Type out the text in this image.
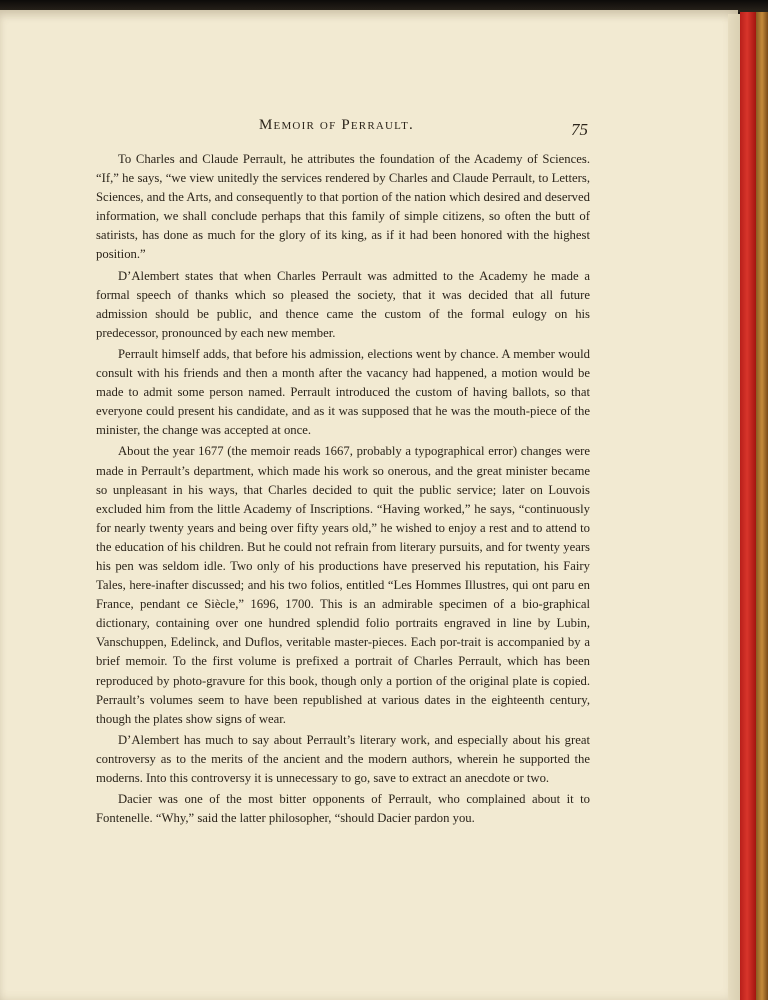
Memoir of Perrault.	75

To Charles and Claude Perrault, he attributes the foundation of the Academy of Sciences. “If,” he says, “we view unitedly the services rendered by Charles and Claude Perrault, to Letters, Sciences, and the Arts, and consequently to that portion of the nation which desired and deserved information, we shall conclude perhaps that this family of simple citizens, so often the butt of satirists, has done as much for the glory of its king, as if it had been honored with the highest position.”

D’Alembert states that when Charles Perrault was admitted to the Academy he made a formal speech of thanks which so pleased the society, that it was decided that all future admission should be public, and thence came the custom of the formal eulogy on his predecessor, pronounced by each new member.

Perrault himself adds, that before his admission, elections went by chance. A member would consult with his friends and then a month after the vacancy had happened, a motion would be made to admit some person named. Perrault introduced the custom of having ballots, so that everyone could present his candidate, and as it was supposed that he was the mouth-piece of the minister, the change was accepted at once.

About the year 1677 (the memoir reads 1667, probably a typographical error) changes were made in Perrault’s department, which made his work so onerous, and the great minister became so unpleasant in his ways, that Charles decided to quit the public service; later on Louvois excluded him from the little Academy of Inscriptions. “Having worked,” he says, “continuously for nearly twenty years and being over fifty years old,” he wished to enjoy a rest and to attend to the education of his children. But he could not refrain from literary pursuits, and for twenty years his pen was seldom idle. Two only of his productions have preserved his reputation, his Fairy Tales, here-inafter discussed; and his two folios, entitled “Les Hommes Illustres, qui ont paru en France, pendant ce Siècle,” 1696, 1700. This is an admirable specimen of a bio-graphical dictionary, containing over one hundred splendid folio portraits engraved in line by Lubin, Vanschuppen, Edelinck, and Duflos, veritable master-pieces. Each por-trait is accompanied by a brief memoir. To the first volume is prefixed a portrait of Charles Perrault, which has been reproduced by photo-gravure for this book, though only a portion of the original plate is copied. Perrault’s volumes seem to have been republished at various dates in the eighteenth century, though the plates show signs of wear.

D’Alembert has much to say about Perrault’s literary work, and especially about his great controversy as to the merits of the ancient and the modern authors, wherein he supported the moderns. Into this controversy it is unnecessary to go, save to extract an anecdote or two.

Dacier was one of the most bitter opponents of Perrault, who complained about it to Fontenelle. “Why,” said the latter philosopher, “should Dacier pardon you.
